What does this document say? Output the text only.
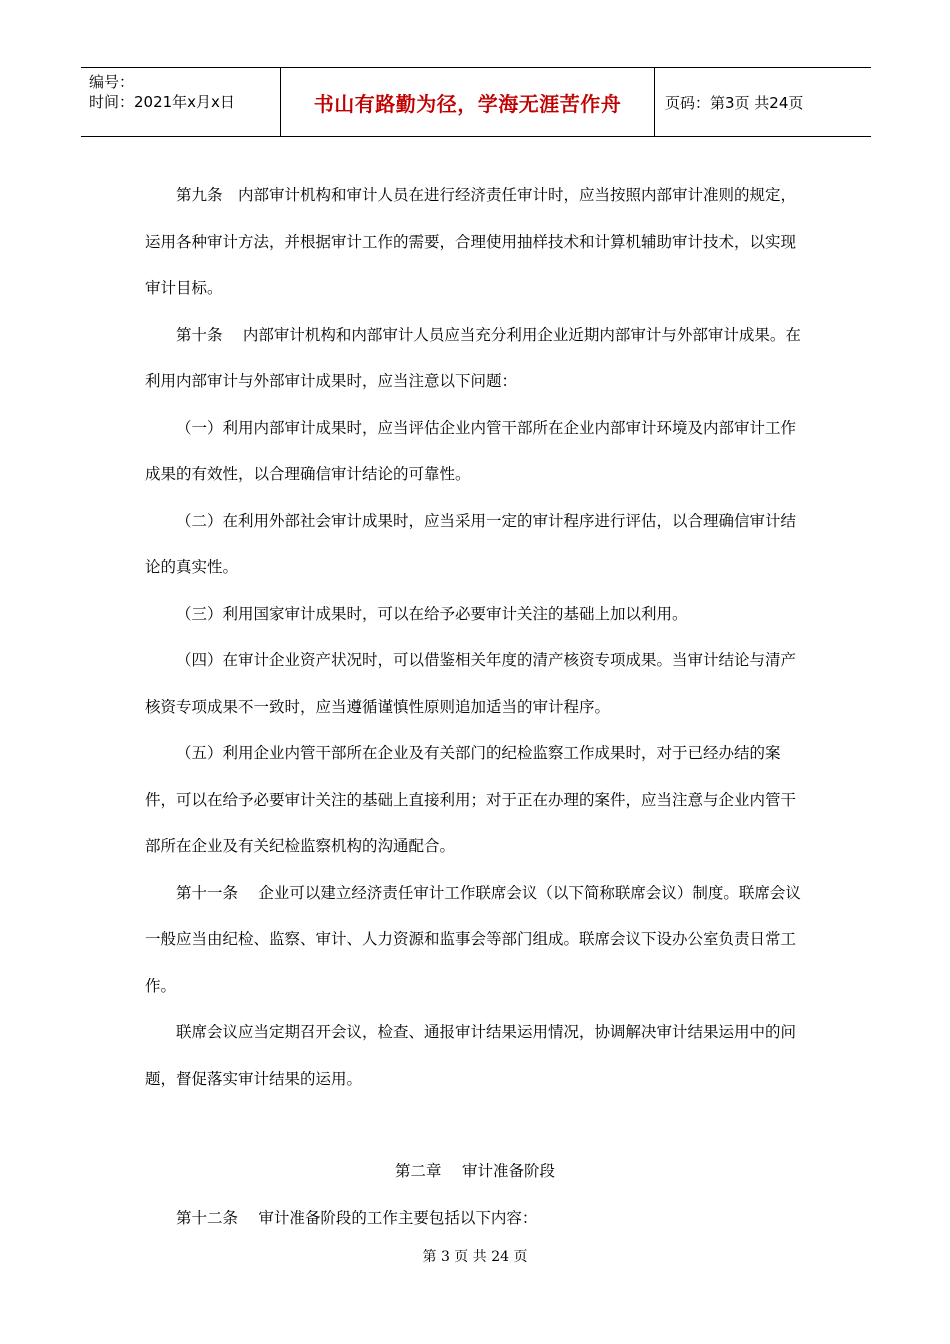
编号：
时间：2021年x月x日	书山有路勤为径，学海无涯苦作舟	页码：第3页 共24页

第九条　内部审计机构和审计人员在进行经济责任审计时，应当按照内部审计准则的规定，运用各种审计方法，并根据审计工作的需要，合理使用抽样技术和计算机辅助审计技术，以实现审计目标。

第十条　 内部审计机构和内部审计人员应当充分利用企业近期内部审计与外部审计成果。在利用内部审计与外部审计成果时，应当注意以下问题：

（一）利用内部审计成果时，应当评估企业内管干部所在企业内部审计环境及内部审计工作成果的有效性，以合理确信审计结论的可靠性。

（二）在利用外部社会审计成果时，应当采用一定的审计程序进行评估，以合理确信审计结论的真实性。

（三）利用国家审计成果时，可以在给予必要审计关注的基础上加以利用。

（四）在审计企业资产状况时，可以借鉴相关年度的清产核资专项成果。当审计结论与清产核资专项成果不一致时，应当遵循谨慎性原则追加适当的审计程序。

（五）利用企业内管干部所在企业及有关部门的纪检监察工作成果时，对于已经办结的案件，可以在给予必要审计关注的基础上直接利用；对于正在办理的案件，应当注意与企业内管干部所在企业及有关纪检监察机构的沟通配合。

第十一条　 企业可以建立经济责任审计工作联席会议（以下简称联席会议）制度。联席会议一般应当由纪检、监察、审计、人力资源和监事会等部门组成。联席会议下设办公室负责日常工作。

联席会议应当定期召开会议，检查、通报审计结果运用情况，协调解决审计结果运用中的问题，督促落实审计结果的运用。

第二章　 审计准备阶段

第十二条　 审计准备阶段的工作主要包括以下内容：

第 3 页 共 24 页
